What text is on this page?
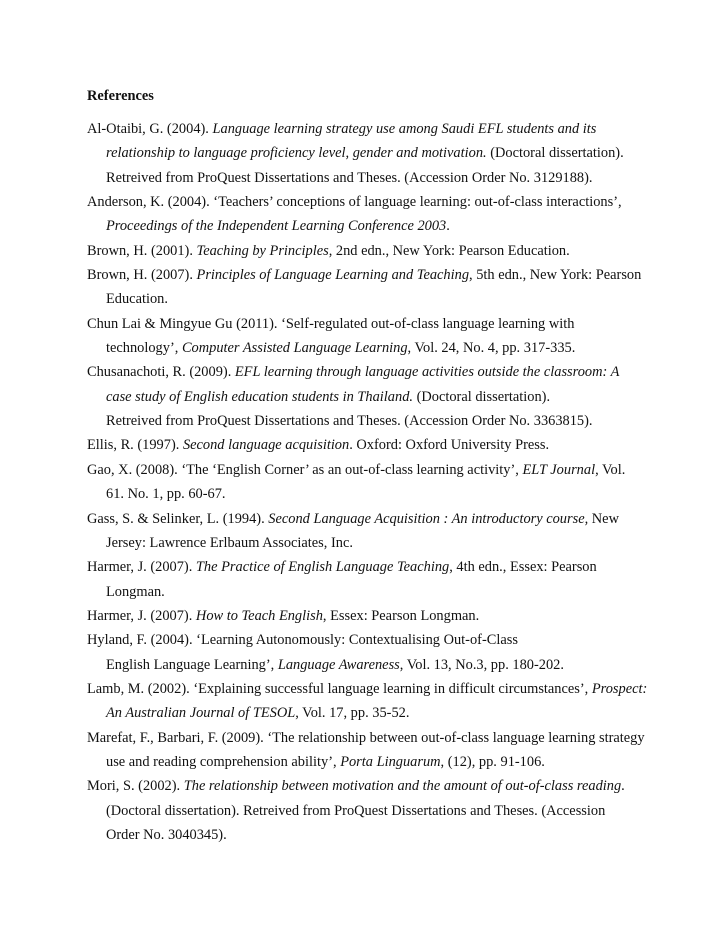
References
Al-Otaibi, G. (2004). Language learning strategy use among Saudi EFL students and its
relationship to language proficiency level, gender and motivation. (Doctoral dissertation).
Retreived from ProQuest Dissertations and Theses. (Accession Order No. 3129188).
Anderson, K. (2004). ‘Teachers’ conceptions of language learning: out-of-class interactions’,
Proceedings of the Independent Learning Conference 2003.
Brown, H. (2001). Teaching by Principles, 2nd edn., New York: Pearson Education.
Brown, H. (2007). Principles of Language Learning and Teaching, 5th edn., New York: Pearson
Education.
Chun Lai & Mingyue Gu (2011). ‘Self-regulated out-of-class language learning with
technology’, Computer Assisted Language Learning, Vol. 24, No. 4, pp. 317-335.
Chusanachoti, R. (2009). EFL learning through language activities outside the classroom: A
case study of English education students in Thailand. (Doctoral dissertation).
Retreived from ProQuest Dissertations and Theses. (Accession Order No. 3363815).
Ellis, R. (1997). Second language acquisition. Oxford: Oxford University Press.
Gao, X. (2008). ‘The ‘English Corner’ as an out-of-class learning activity’, ELT Journal, Vol.
61. No. 1, pp. 60-67.
Gass, S. & Selinker, L. (1994). Second Language Acquisition : An introductory course, New
Jersey: Lawrence Erlbaum Associates, Inc.
Harmer, J. (2007). The Practice of English Language Teaching, 4th edn., Essex: Pearson
Longman.
Harmer, J. (2007). How to Teach English, Essex: Pearson Longman.
Hyland, F. (2004). ‘Learning Autonomously: Contextualising Out-of-Class
English Language Learning’, Language Awareness, Vol. 13, No.3, pp. 180-202.
Lamb, M. (2002). ‘Explaining successful language learning in difficult circumstances’, Prospect:
An Australian Journal of TESOL, Vol. 17, pp. 35-52.
Marefat, F., Barbari, F. (2009). ‘The relationship between out-of-class language learning strategy
use and reading comprehension ability’, Porta Linguarum, (12), pp. 91-106.
Mori, S. (2002). The relationship between motivation and the amount of out-of-class reading.
(Doctoral dissertation). Retreived from ProQuest Dissertations and Theses. (Accession
Order No. 3040345).
